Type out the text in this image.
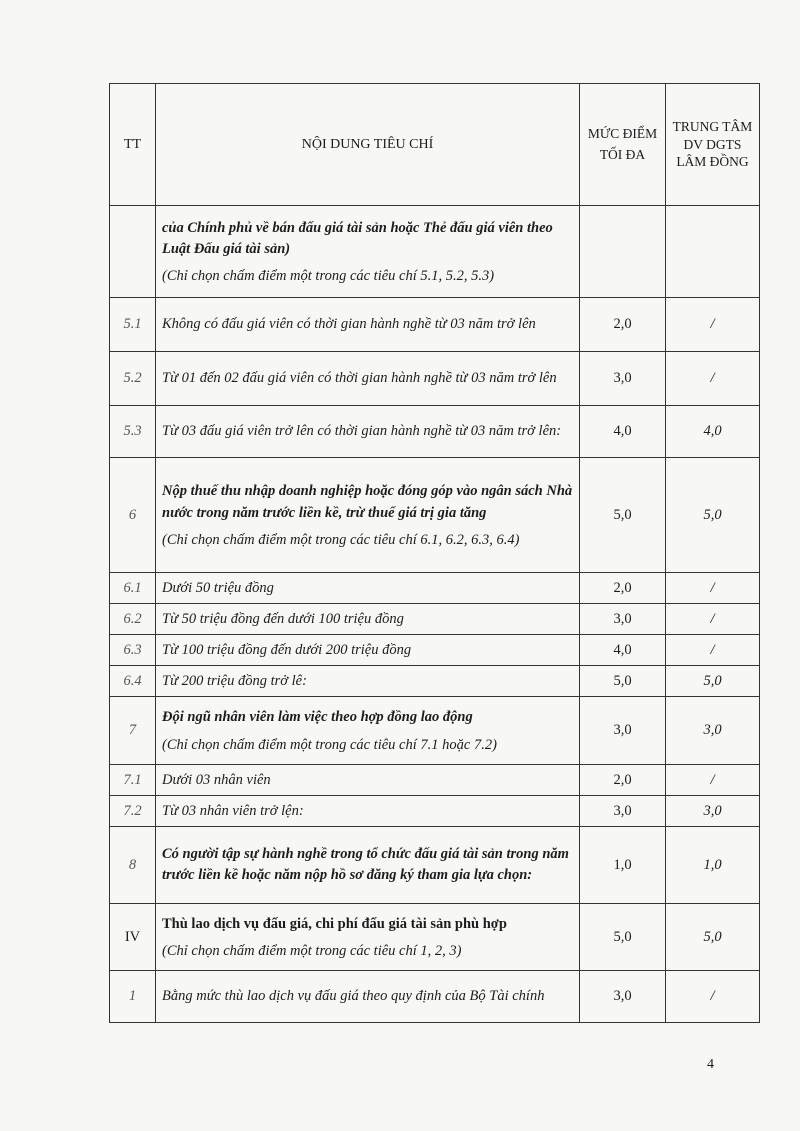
TT	NỘI DUNG TIÊU CHÍ	MỨC ĐIỂM TỐI ĐA	TRUNG TÂM DV DGTS LÂM ĐỒNG

	của Chính phủ về bán đấu giá tài sản hoặc Thẻ đấu giá viên theo Luật Đấu giá tài sản)
(Chỉ chọn chấm điểm một trong các tiêu chí 5.1, 5.2, 5.3)		

5.1	Không có đấu giá viên có thời gian hành nghề từ 03 năm trở lên	2,0	/
5.2	Từ 01 đến 02 đấu giá viên có thời gian hành nghề từ 03 năm trở lên	3,0	/
5.3	Từ 03 đấu giá viên trở lên có thời gian hành nghề từ 03 năm trở lên:	4,0	4,0
6	Nộp thuế thu nhập doanh nghiệp hoặc đóng góp vào ngân sách Nhà nước trong năm trước liền kề, trừ thuế giá trị gia tăng
(Chỉ chọn chấm điểm một trong các tiêu chí 6.1, 6.2, 6.3, 6.4)	5,0	5,0
6.1	Dưới 50 triệu đồng	2,0	/
6.2	Từ 50 triệu đồng đến dưới 100 triệu đồng	3,0	/
6.3	Từ 100 triệu đồng đến dưới 200 triệu đồng	4,0	/
6.4	Từ 200 triệu đồng trở lê:	5,0	5,0
7	Đội ngũ nhân viên làm việc theo hợp đồng lao động
(Chỉ chọn chấm điểm một trong các tiêu chí 7.1 hoặc 7.2)	3,0	3,0
7.1	Dưới 03 nhân viên	2,0	/
7.2	Từ 03 nhân viên trở lện:	3,0	3,0
8	Có người tập sự hành nghề trong tổ chức đấu giá tài sản trong năm trước liền kề hoặc năm nộp hồ sơ đăng ký tham gia lựa chọn:	1,0	1,0
IV	Thù lao dịch vụ đấu giá, chi phí đấu giá tài sản phù hợp
(Chỉ chọn chấm điểm một trong các tiêu chí 1, 2, 3)	5,0	5,0
1	Bằng mức thù lao dịch vụ đấu giá theo quy định của Bộ Tài chính	3,0	/
4
